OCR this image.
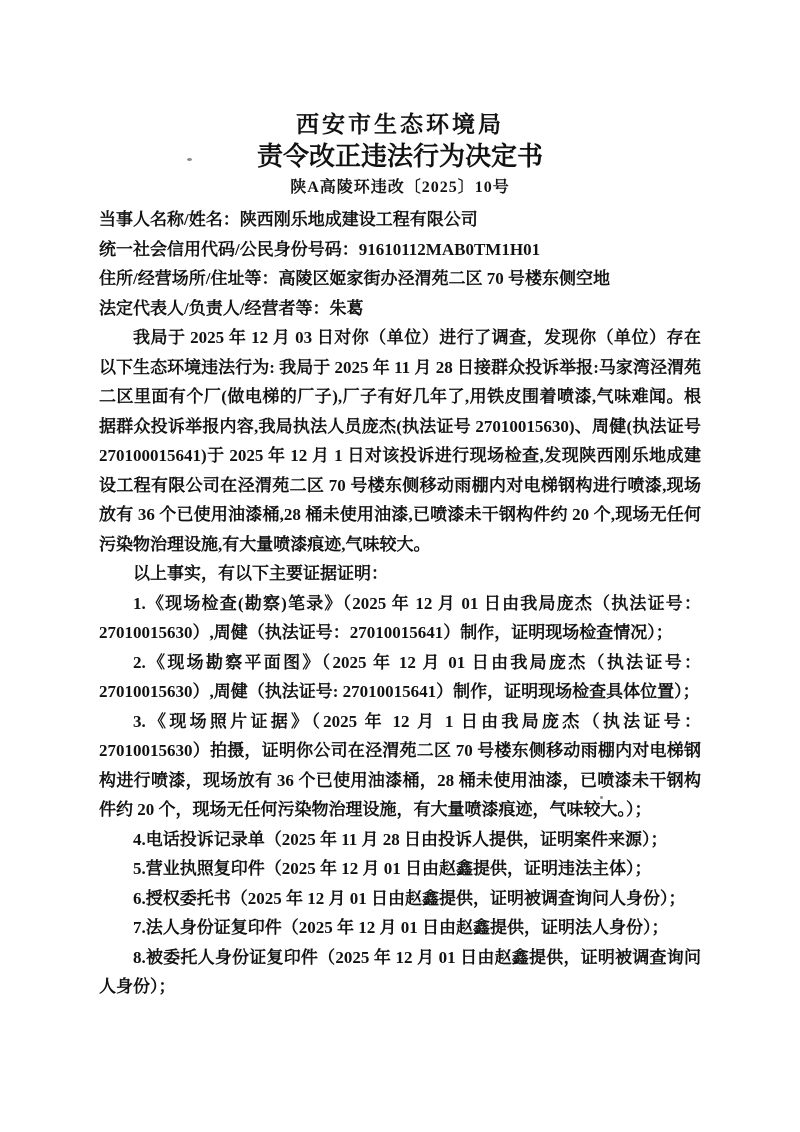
西安市生态环境局

责令改正违法行为决定书

陕A高陵环违改〔2025〕10号

当事人名称/姓名：陕西刚乐地成建设工程有限公司

统一社会信用代码/公民身份号码：91610112MAB0TM1H01

住所/经营场所/住址等：高陵区姬家街办泾渭苑二区 70 号楼东侧空地

法定代表人/负责人/经营者等：朱葛

我局于 2025 年 12 月 03 日对你（单位）进行了调查，发现你（单位）存在以下生态环境违法行为: 我局于 2025 年 11 月 28 日接群众投诉举报:马家湾泾渭苑二区里面有个厂(做电梯的厂子),厂子有好几年了,用铁皮围着喷漆,气味难闻。根据群众投诉举报内容,我局执法人员庞杰(执法证号 27010015630)、周健(执法证号 270100015641)于 2025 年 12 月 1 日对该投诉进行现场检查,发现陕西刚乐地成建设工程有限公司在泾渭苑二区 70 号楼东侧移动雨棚内对电梯钢构进行喷漆,现场放有 36 个已使用油漆桶,28 桶未使用油漆,已喷漆未干钢构件约 20 个,现场无任何污染物治理设施,有大量喷漆痕迹,气味较大。

以上事实，有以下主要证据证明：

1.《现场检查(勘察)笔录》（2025 年 12 月 01 日由我局庞杰（执法证号：27010015630）,周健（执法证号：27010015641）制作，证明现场检查情况）；

2.《现场勘察平面图》（2025 年 12 月 01 日由我局庞杰（执法证号：27010015630）,周健（执法证号: 27010015641）制作，证明现场检查具体位置）；

3.《现场照片证据》（2025 年 12 月 1 日由我局庞杰（执法证号：27010015630）拍摄，证明你公司在泾渭苑二区 70 号楼东侧移动雨棚内对电梯钢构进行喷漆，现场放有 36 个已使用油漆桶，28 桶未使用油漆，已喷漆未干钢构件约 20 个，现场无任何污染物治理设施，有大量喷漆痕迹，气味较大。）；

4.电话投诉记录单（2025 年 11 月 28 日由投诉人提供，证明案件来源）；

5.营业执照复印件（2025 年 12 月 01 日由赵鑫提供，证明违法主体）；

6.授权委托书（2025 年 12 月 01 日由赵鑫提供，证明被调查询问人身份）；

7.法人身份证复印件（2025 年 12 月 01 日由赵鑫提供，证明法人身份）；

8.被委托人身份证复印件（2025 年 12 月 01 日由赵鑫提供，证明被调查询问人身份）；
